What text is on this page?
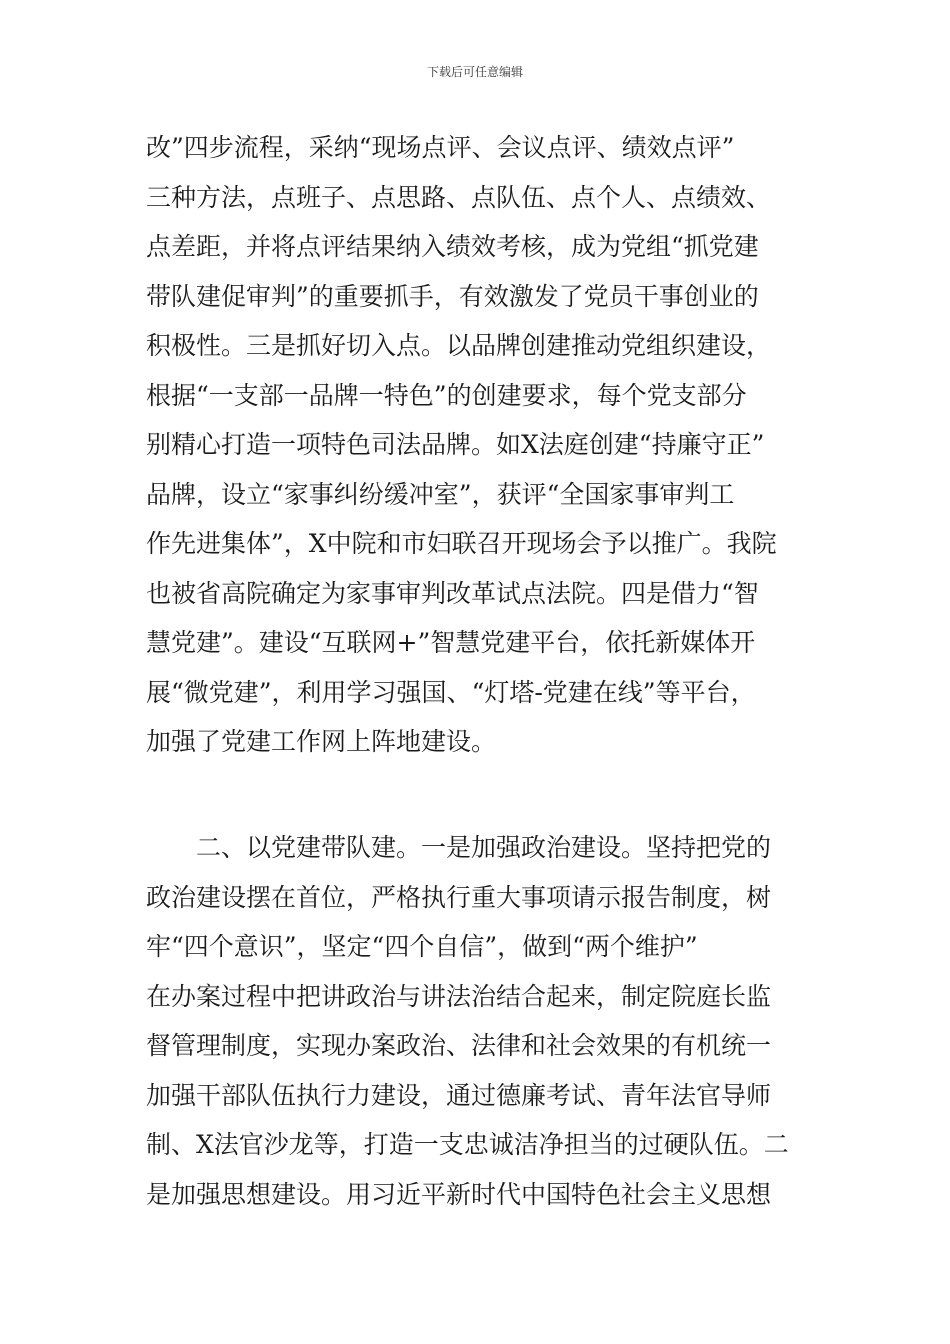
下载后可任意编辑
改”四步流程，采纳“现场点评、会议点评、绩效点评”
三种方法，点班子、点思路、点队伍、点个人、点绩效、
点差距，并将点评结果纳入绩效考核，成为党组“抓党建
带队建促审判”的重要抓手，有效激发了党员干事创业的
积极性。三是抓好切入点。以品牌创建推动党组织建设，
根据“一支部一品牌一特色”的创建要求，每个党支部分
别精心打造一项特色司法品牌。如X法庭创建“持廉守正”
品牌，设立“家事纠纷缓冲室”，获评“全国家事审判工
作先进集体”，X中院和市妇联召开现场会予以推广。我院
也被省高院确定为家事审判改革试点法院。四是借力“智
慧党建”。建设“互联网+”智慧党建平台，依托新媒体开
展“微党建”，利用学习强国、“灯塔-党建在线”等平台，
加强了党建工作网上阵地建设。
二、以党建带队建。一是加强政治建设。坚持把党的
政治建设摆在首位，严格执行重大事项请示报告制度，树
牢“四个意识”，坚定“四个自信”，做到“两个维护”
在办案过程中把讲政治与讲法治结合起来，制定院庭长监
督管理制度，实现办案政治、法律和社会效果的有机统一
加强干部队伍执行力建设，通过德廉考试、青年法官导师
制、X法官沙龙等，打造一支忠诚洁净担当的过硬队伍。二
是加强思想建设。用习近平新时代中国特色社会主义思想
